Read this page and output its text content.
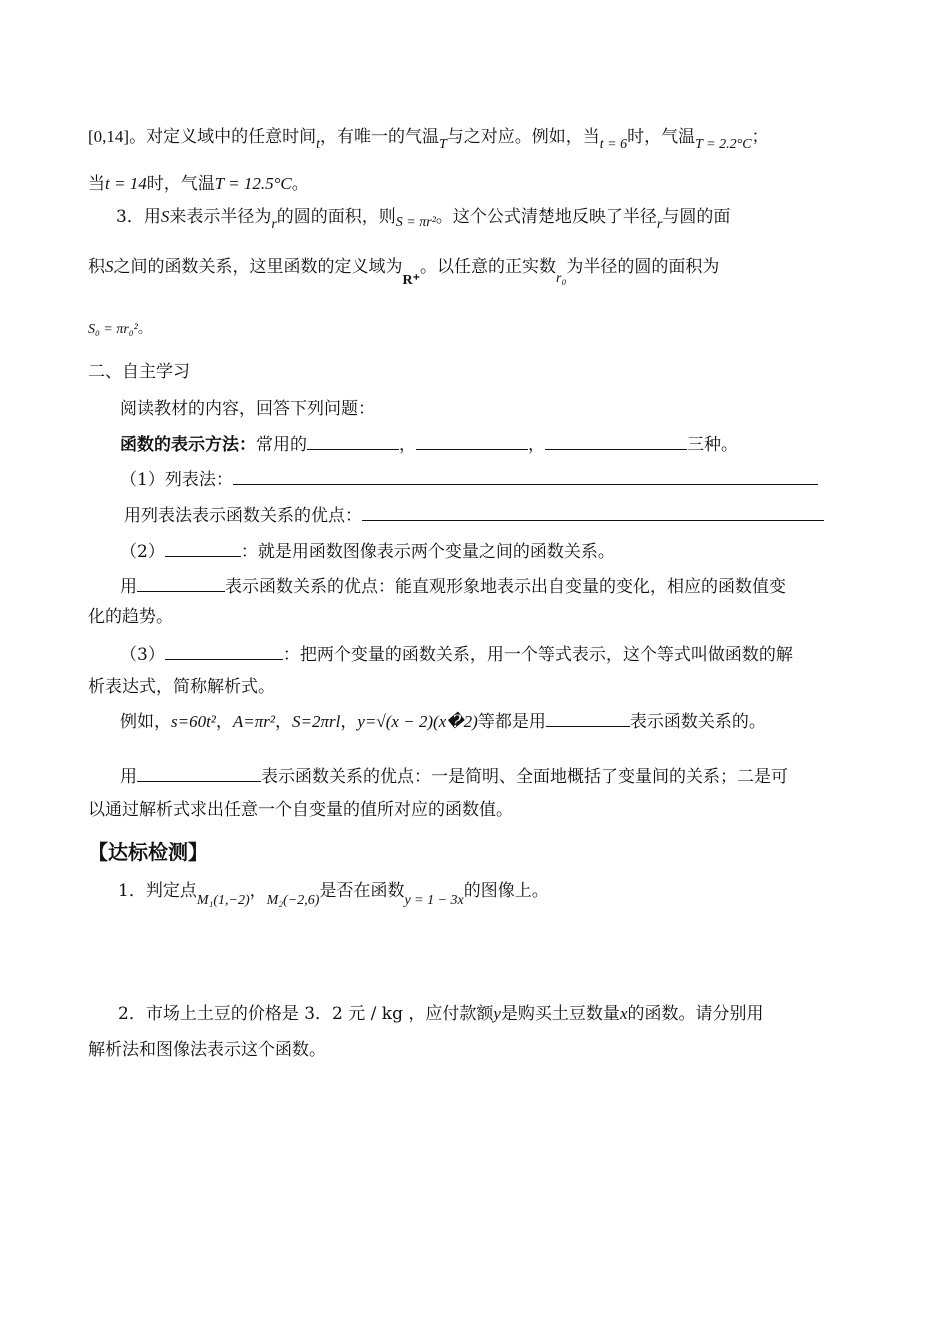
[0,14]。对定义域中的任意时间$_t$，有唯一的气温$_T$与之对应。例如，当$_{t = 6}$时，气温$_{T = 2.2^\circ C}$；
当t = 14时，气温T = 12.5°C。
3．用S来表示半径为$_r$的圆的面积，则$_{S = \pi r^2}$。这个公式清楚地反映了半径$_r$与圆的面
积S之间的函数关系，这里函数的定义域为$_{R^+}$。以任意的正实数$_{r_0}$为半径的圆的面积为
S₀ = πr₀²。
二、自主学习
阅读教材的内容，回答下列问题：
函数的表示方法：常用的	，	，	三种。
（1）列表法：
用列表法表示函数关系的优点：
（2）	：就是用函数图像表示两个变量之间的函数关系。
用	表示函数关系的优点：能直观形象地表示出自变量的变化，相应的函数值变
化的趋势。
（3）	：把两个变量的函数关系，用一个等式表示，这个等式叫做函数的解
析表达式，简称解析式。
例如，s=60t²，A=πr²，S=2πrl，y=√(x − 2)(x�2)等都是用	表示函数关系的。
用	表示函数关系的优点：一是简明、全面地概括了变量间的关系；二是可
以通过解析式求出任意一个自变量的值所对应的函数值。
【达标检测】
1．判定点$_{M_1(1,-2)}$，$_{M_2(-2,6)}$是否在函数$_{y = 1 - 3x}$的图像上。
2．市场上土豆的价格是 3．2 元 / kg ，应付款额y是购买土豆数量x的函数。请分别用
解析法和图像法表示这个函数。
